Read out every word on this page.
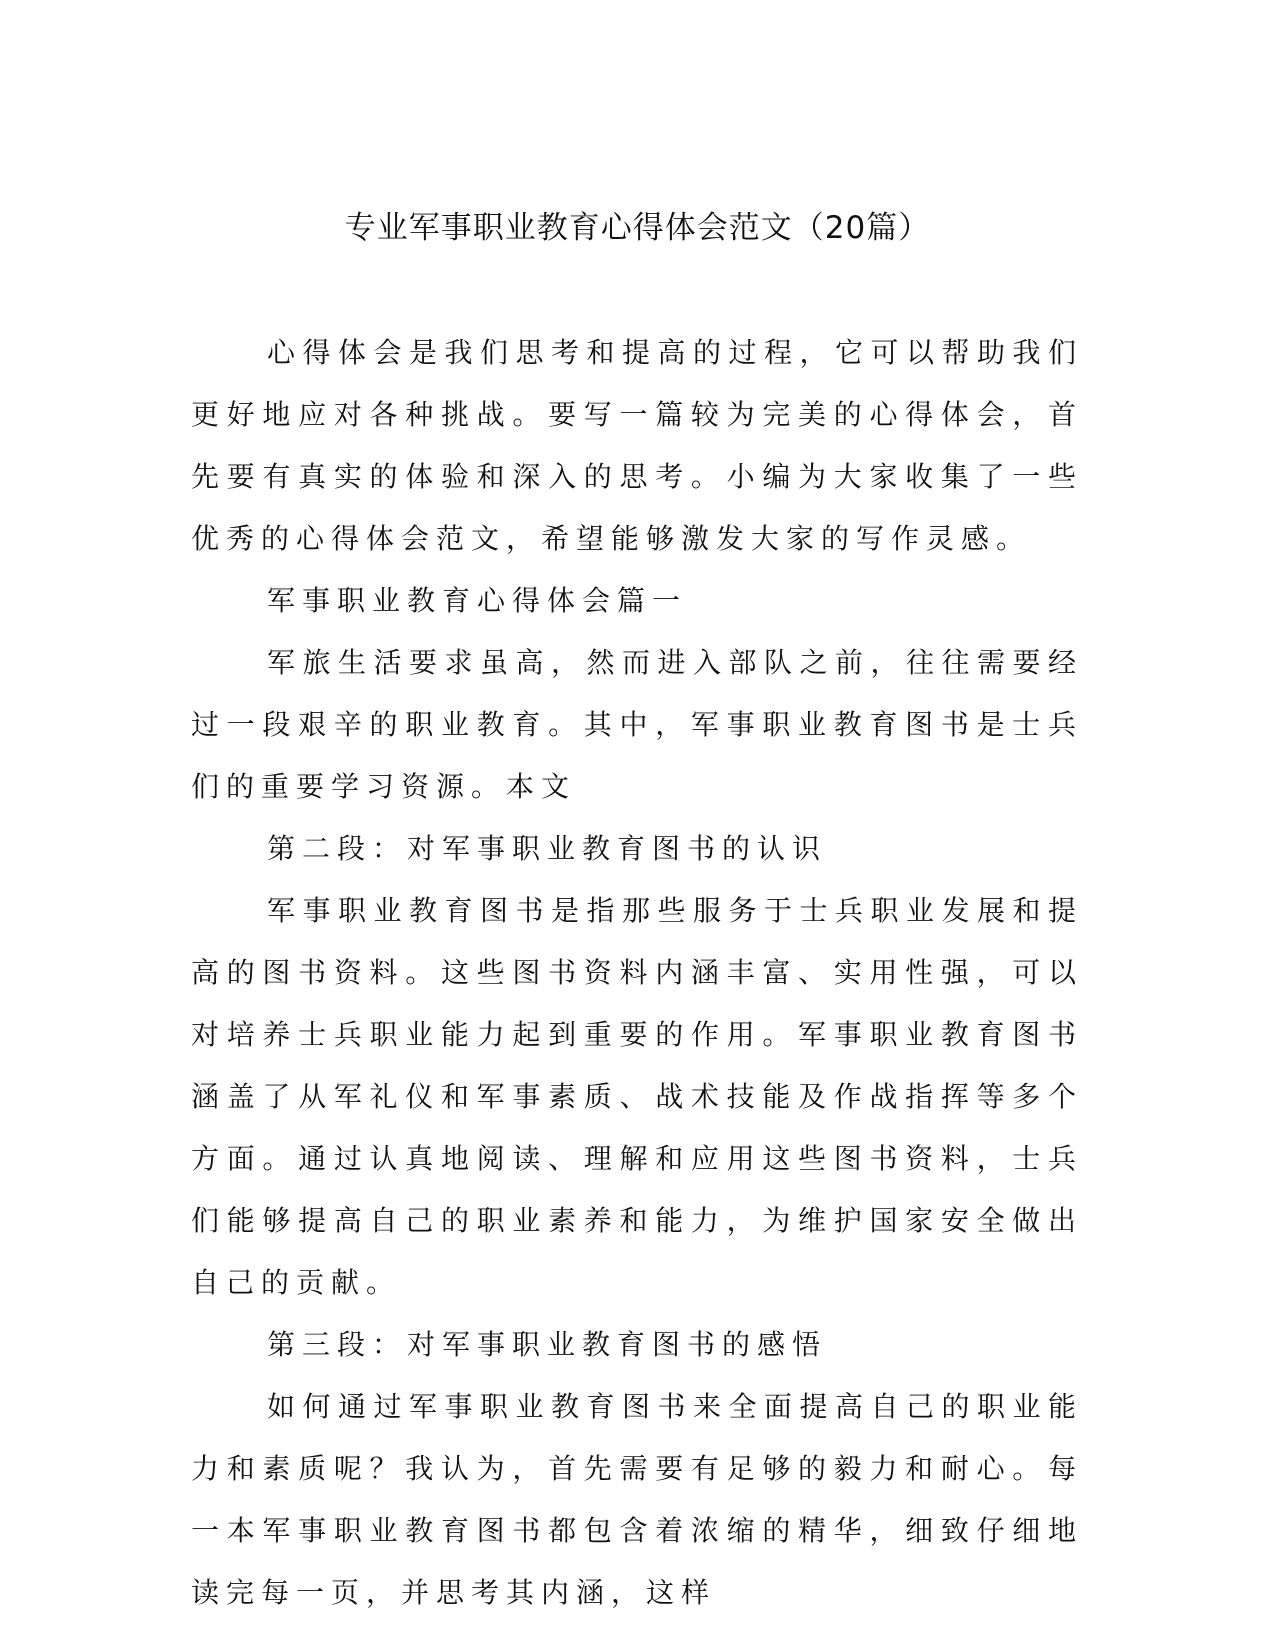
专业军事职业教育心得体会范文（20篇）

心得体会是我们思考和提高的过程，它可以帮助我们更好地应对各种挑战。要写一篇较为完美的心得体会，首先要有真实的体验和深入的思考。小编为大家收集了一些优秀的心得体会范文，希望能够激发大家的写作灵感。

军事职业教育心得体会篇一

军旅生活要求虽高，然而进入部队之前，往往需要经过一段艰辛的职业教育。其中，军事职业教育图书是士兵们的重要学习资源。本文

第二段：对军事职业教育图书的认识

军事职业教育图书是指那些服务于士兵职业发展和提高的图书资料。这些图书资料内涵丰富、实用性强，可以对培养士兵职业能力起到重要的作用。军事职业教育图书涵盖了从军礼仪和军事素质、战术技能及作战指挥等多个方面。通过认真地阅读、理解和应用这些图书资料，士兵们能够提高自己的职业素养和能力，为维护国家安全做出自己的贡献。

第三段：对军事职业教育图书的感悟

如何通过军事职业教育图书来全面提高自己的职业能力和素质呢？我认为，首先需要有足够的毅力和耐心。每一本军事职业教育图书都包含着浓缩的精华，细致仔细地读完每一页，并思考其内涵，这样
